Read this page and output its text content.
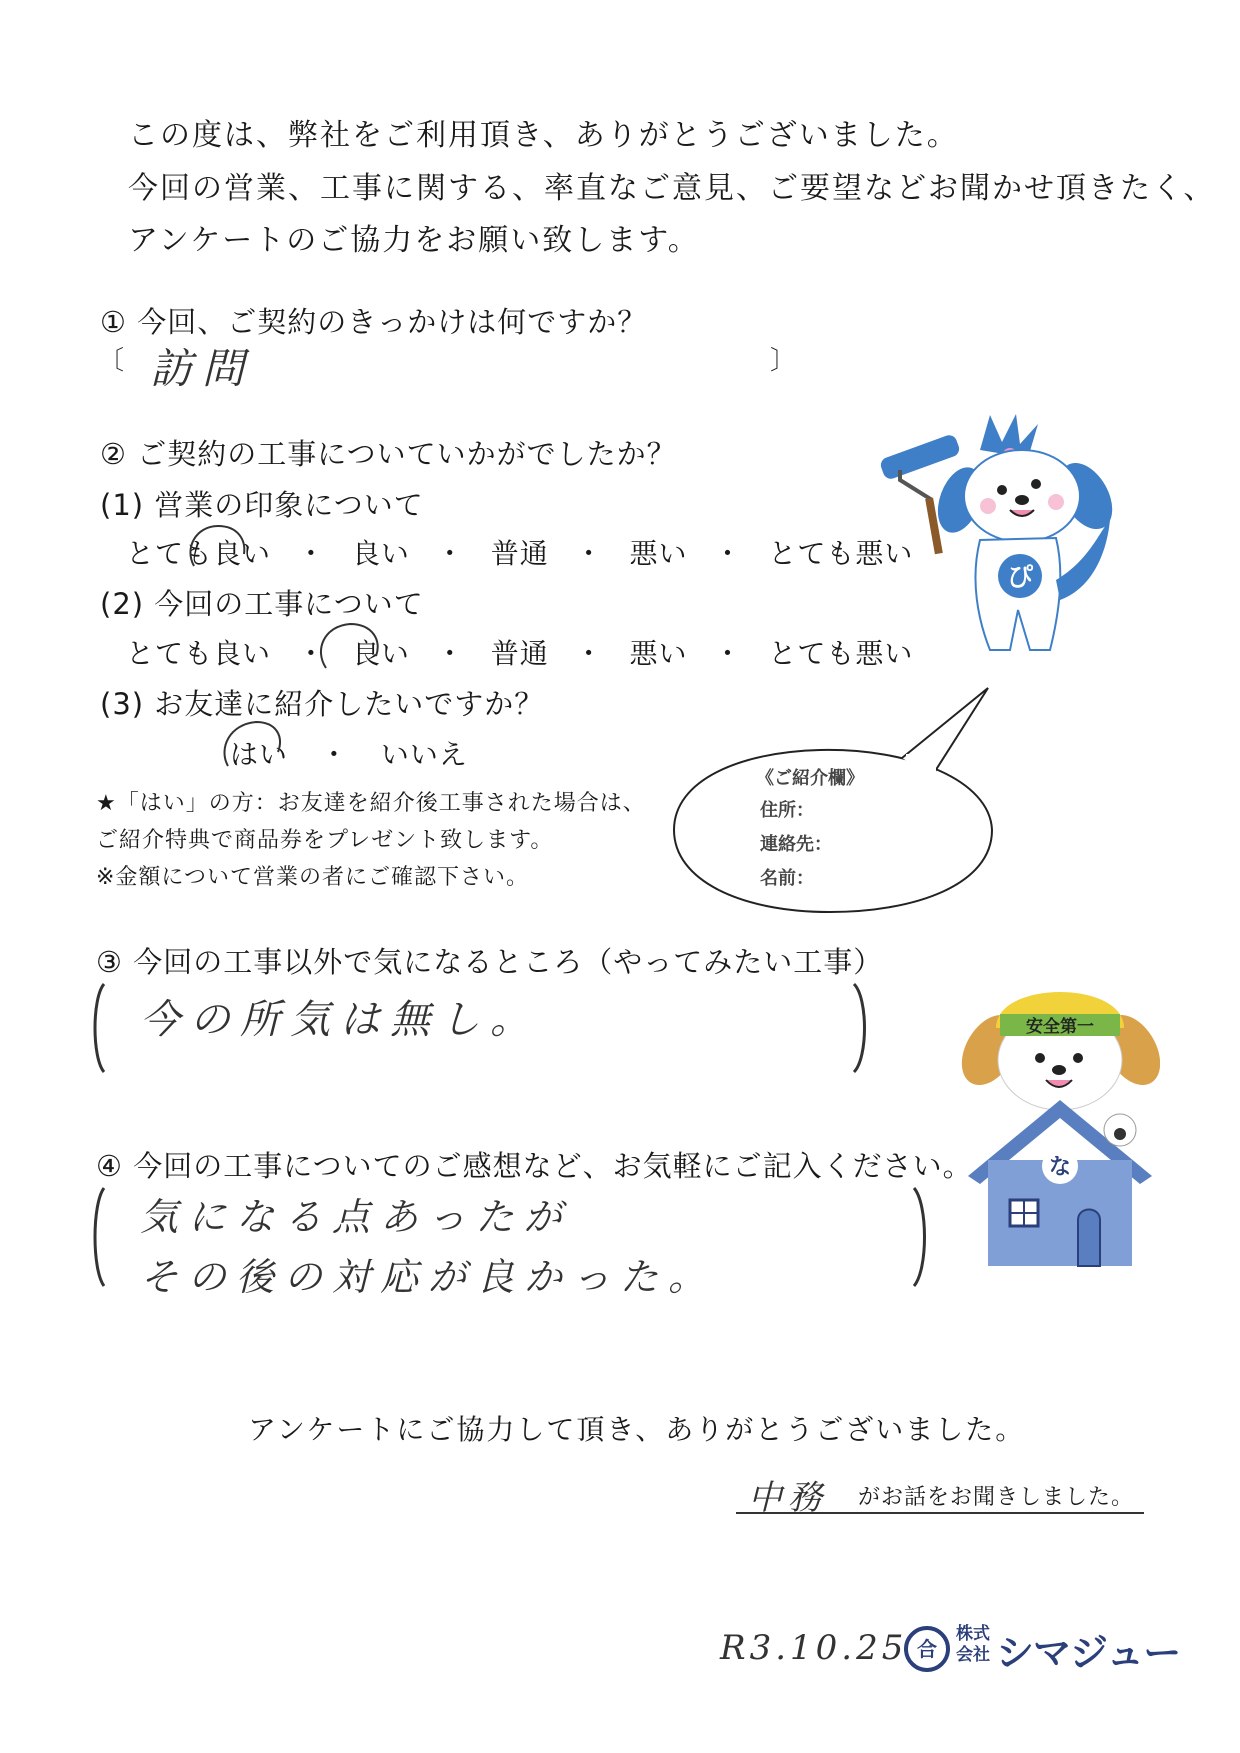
この度は、弊社をご利用頂き、ありがとうございました。
今回の営業、工事に関する、率直なご意見、ご要望などお聞かせ頂きたく、
アンケートのご協力をお願い致します。
① 今回、ご契約のきっかけは何ですか？
〔	〕
訪問
② ご契約の工事についていかがでしたか？
(1) 営業の印象について
とても良い ・ 良い ・ 普通 ・ 悪い ・ とても悪い
(2) 今回の工事について
とても良い ・ 良い ・ 普通 ・ 悪い ・ とても悪い
(3) お友達に紹介したいですか？
はい ・ いいえ
★「はい」の方：お友達を紹介後工事された場合は、
ご紹介特典で商品券をプレゼント致します。
※金額について営業の者にご確認下さい。
《ご紹介欄》
住所：
連絡先：
名前：
ぴ
③ 今回の工事以外で気になるところ（やってみたい工事）
今の所気は無し。	安全第一
な
④ 今回の工事についてのご感想など、お気軽にご記入ください。
気になる点あったが
その後の対応が良かった。
アンケートにご協力して頂き、ありがとうございました。
中務 がお話をお聞きしました。
R3.10.25 合
株式
会社 シマジュー
